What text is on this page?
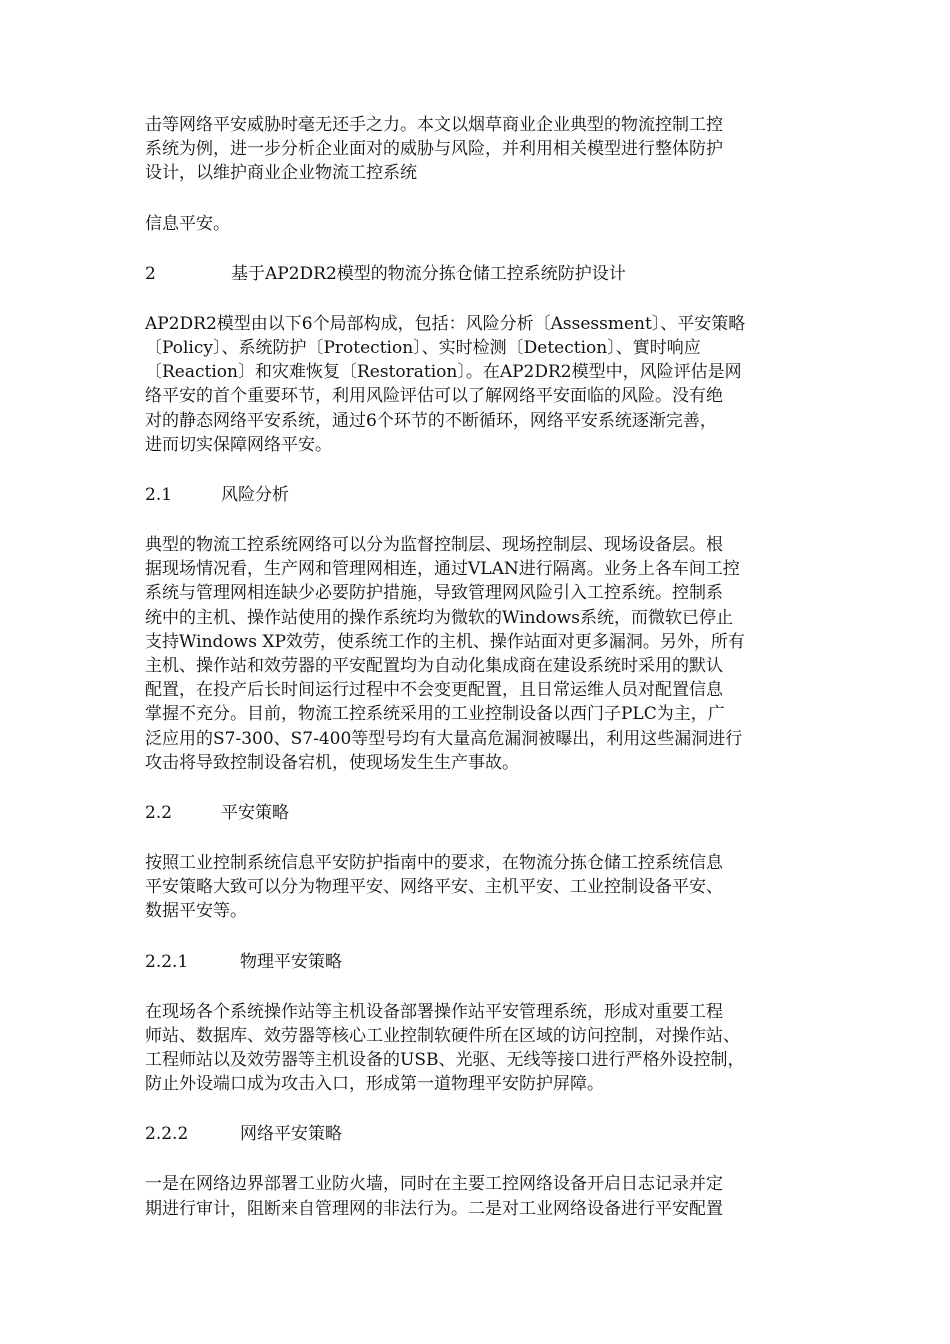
击等网络平安威胁时毫无还手之力。本文以烟草商业企业典型的物流控制工控
系统为例，进一步分析企业面对的威胁与风险，并利用相关模型进行整体防护
设计，以维护商业企业物流工控系统

信息平安。

2	基于AP2DR2模型的物流分拣仓储工控系统防护设计

AP2DR2模型由以下6个局部构成，包括：风险分析〔Assessment〕、平安策略
〔Policy〕、系统防护〔Protection〕、实时检测〔Detection〕、實时响应
〔Reaction〕和灾难恢复〔Restoration〕。在AP2DR2模型中，风险评估是网
络平安的首个重要环节，利用风险评估可以了解网络平安面临的风险。没有绝
对的静态网络平安系统，通过6个环节的不断循环，网络平安系统逐渐完善，
进而切实保障网络平安。

2.1	风险分析

典型的物流工控系统网络可以分为监督控制层、现场控制层、现场设备层。根
据现场情况看，生产网和管理网相连，通过VLAN进行隔离。业务上各车间工控
系统与管理网相连缺少必要防护措施，导致管理网风险引入工控系统。控制系
统中的主机、操作站使用的操作系统均为微软的Windows系统，而微软已停止
支持Windows XP效劳，使系统工作的主机、操作站面对更多漏洞。另外，所有
主机、操作站和效劳器的平安配置均为自动化集成商在建设系统时采用的默认
配置，在投产后长时间运行过程中不会变更配置，且日常运维人员对配置信息
掌握不充分。目前，物流工控系统采用的工业控制设备以西门子PLC为主，广
泛应用的S7-300、S7-400等型号均有大量高危漏洞被曝出，利用这些漏洞进行
攻击将导致控制设备宕机，使现场发生生产事故。

2.2	平安策略

按照工业控制系统信息平安防护指南中的要求，在物流分拣仓储工控系统信息
平安策略大致可以分为物理平安、网络平安、主机平安、工业控制设备平安、
数据平安等。

2.2.1	物理平安策略

在现场各个系统操作站等主机设备部署操作站平安管理系统，形成对重要工程
师站、数据库、效劳器等核心工业控制软硬件所在区域的访问控制，对操作站、
工程师站以及效劳器等主机设备的USB、光驱、无线等接口进行严格外设控制，
防止外设端口成为攻击入口，形成第一道物理平安防护屏障。

2.2.2	网络平安策略

一是在网络边界部署工业防火墙，同时在主要工控网络设备开启日志记录并定
期进行审计，阻断来自管理网的非法行为。二是对工业网络设备进行平安配置
